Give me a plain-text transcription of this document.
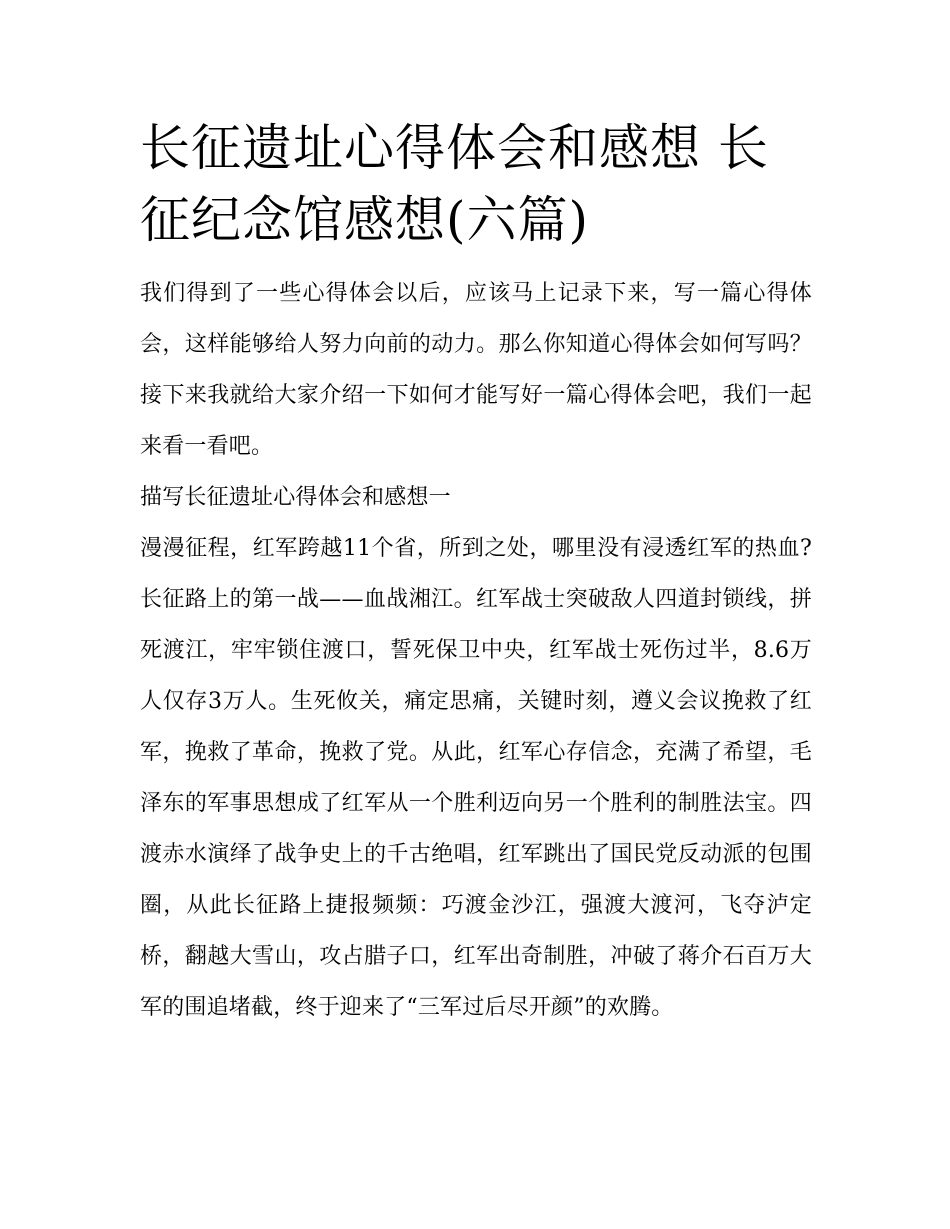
长征遗址心得体会和感想 长征纪念馆感想(六篇)

我们得到了一些心得体会以后，应该马上记录下来，写一篇心得体会，这样能够给人努力向前的动力。那么你知道心得体会如何写吗？接下来我就给大家介绍一下如何才能写好一篇心得体会吧，我们一起来看一看吧。

描写长征遗址心得体会和感想一

漫漫征程，红军跨越11个省，所到之处，哪里没有浸透红军的热血?长征路上的第一战——血战湘江。红军战士突破敌人四道封锁线，拼死渡江，牢牢锁住渡口，誓死保卫中央，红军战士死伤过半，8.6万人仅存3万人。生死攸关，痛定思痛，关键时刻，遵义会议挽救了红军，挽救了革命，挽救了党。从此，红军心存信念，充满了希望，毛泽东的军事思想成了红军从一个胜利迈向另一个胜利的制胜法宝。四渡赤水演绎了战争史上的千古绝唱，红军跳出了国民党反动派的包围圈，从此长征路上捷报频频：巧渡金沙江，强渡大渡河，飞夺泸定桥，翻越大雪山，攻占腊子口，红军出奇制胜，冲破了蒋介石百万大军的围追堵截，终于迎来了“三军过后尽开颜”的欢腾。
